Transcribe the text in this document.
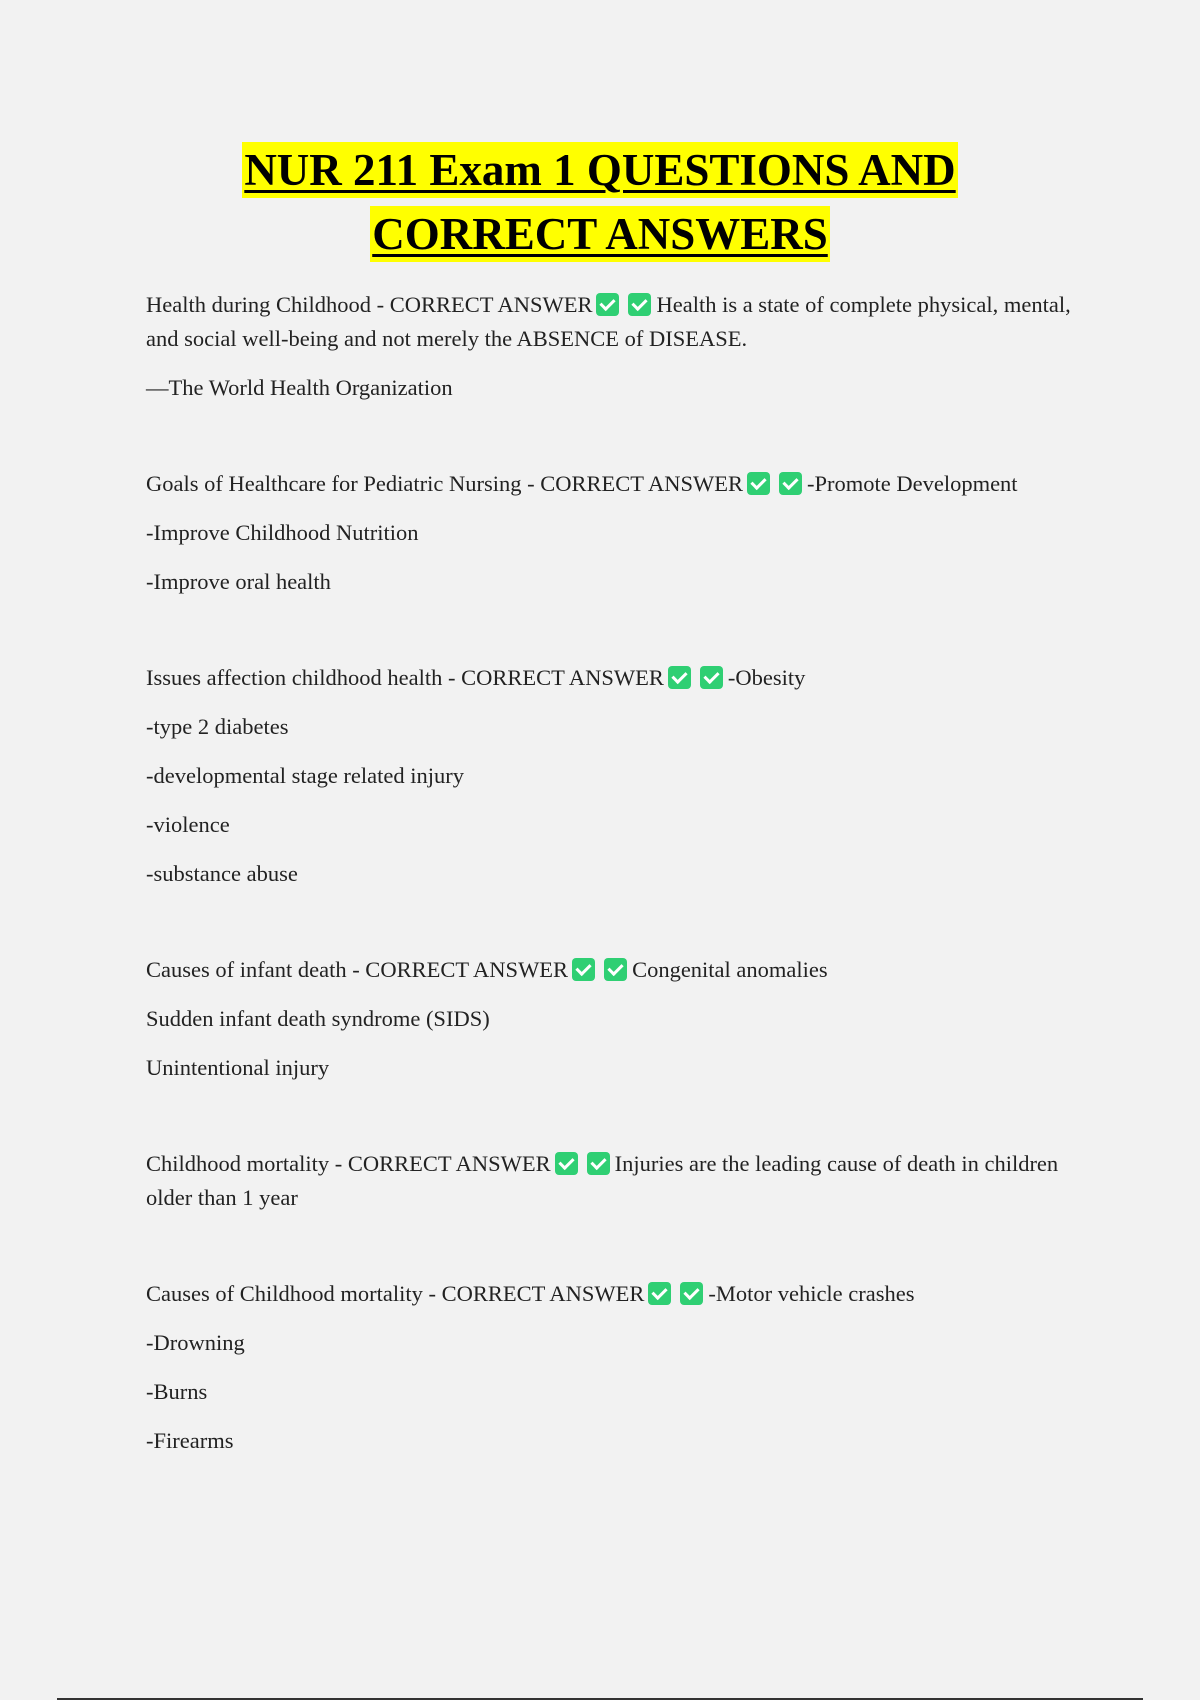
NUR 211 Exam 1 QUESTIONS AND
CORRECT ANSWERS

Health during Childhood - CORRECT ANSWER	Health is a state of complete physical, mental, and social well-being and not merely the ABSENCE of DISEASE.

—The World Health Organization

Goals of Healthcare for Pediatric Nursing - CORRECT ANSWER	-Promote Development

-Improve Childhood Nutrition

-Improve oral health

Issues affection childhood health - CORRECT ANSWER	-Obesity

-type 2 diabetes

-developmental stage related injury

-violence

-substance abuse

Causes of infant death - CORRECT ANSWER	Congenital anomalies

Sudden infant death syndrome (SIDS)

Unintentional injury

Childhood mortality - CORRECT ANSWER	Injuries are the leading cause of death in children older than 1 year

Causes of Childhood mortality - CORRECT ANSWER	-Motor vehicle crashes

-Drowning

-Burns

-Firearms
